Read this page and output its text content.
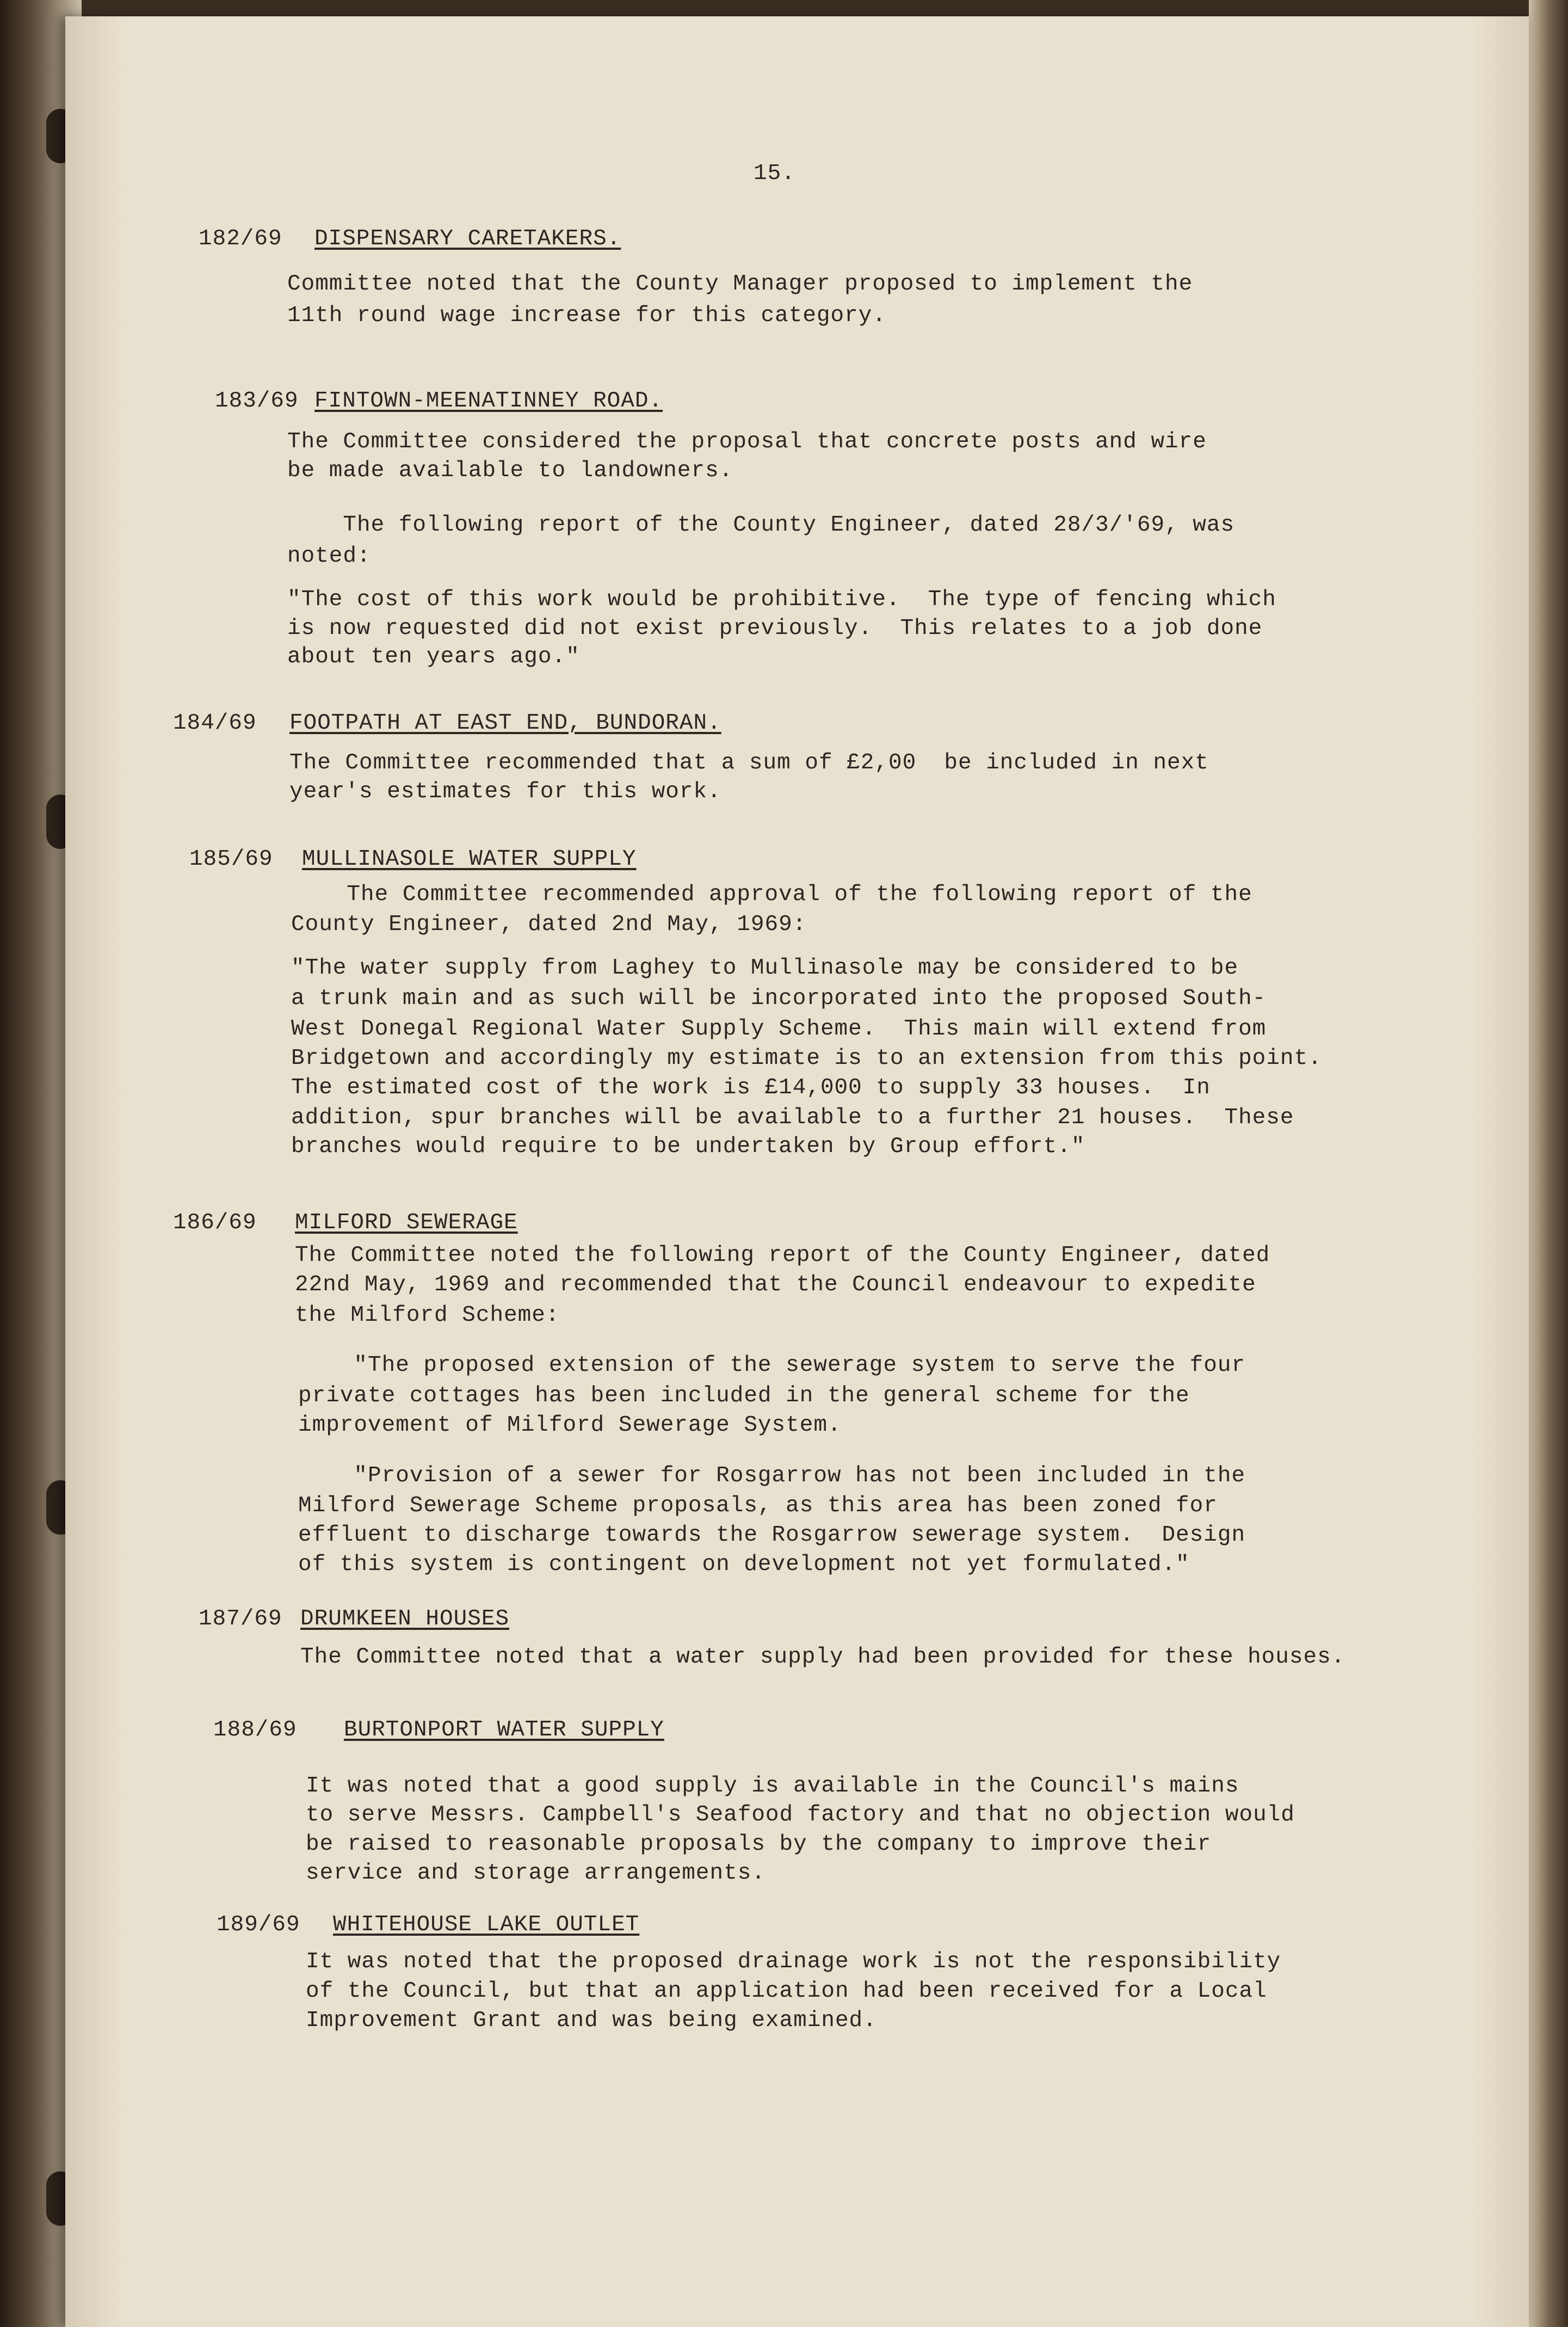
15.
182/69 DISPENSARY CARETAKERS.
Committee noted that the County Manager proposed to implement the
11th round wage increase for this category.
183/69 FINTOWN-MEENATINNEY ROAD.
The Committee considered the proposal that concrete posts and wire
be made available to landowners.
The following report of the County Engineer, dated 28/3/'69, was
noted:
"The cost of this work would be prohibitive.  The type of fencing which
is now requested did not exist previously.  This relates to a job done
about ten years ago."
184/69 FOOTPATH AT EAST END, BUNDORAN.
The Committee recommended that a sum of £2,00  be included in next
year's estimates for this work.
185/69 MULLINASOLE WATER SUPPLY
The Committee recommended approval of the following report of the
County Engineer, dated 2nd May, 1969:
"The water supply from Laghey to Mullinasole may be considered to be
a trunk main and as such will be incorporated into the proposed South-
West Donegal Regional Water Supply Scheme.  This main will extend from
Bridgetown and accordingly my estimate is to an extension from this point.
The estimated cost of the work is £14,000 to supply 33 houses.  In
addition, spur branches will be available to a further 21 houses.  These
branches would require to be undertaken by Group effort."
186/69 MILFORD SEWERAGE
The Committee noted the following report of the County Engineer, dated
22nd May, 1969 and recommended that the Council endeavour to expedite
the Milford Scheme:
"The proposed extension of the sewerage system to serve the four
private cottages has been included in the general scheme for the
improvement of Milford Sewerage System.
"Provision of a sewer for Rosgarrow has not been included in the
Milford Sewerage Scheme proposals, as this area has been zoned for
effluent to discharge towards the Rosgarrow sewerage system.  Design
of this system is contingent on development not yet formulated."
187/69 DRUMKEEN HOUSES
The Committee noted that a water supply had been provided for these houses.
188/69 BURTONPORT WATER SUPPLY
It was noted that a good supply is available in the Council's mains
to serve Messrs. Campbell's Seafood factory and that no objection would
be raised to reasonable proposals by the company to improve their
service and storage arrangements.
189/69 WHITEHOUSE LAKE OUTLET
It was noted that the proposed drainage work is not the responsibility
of the Council, but that an application had been received for a Local
Improvement Grant and was being examined.
